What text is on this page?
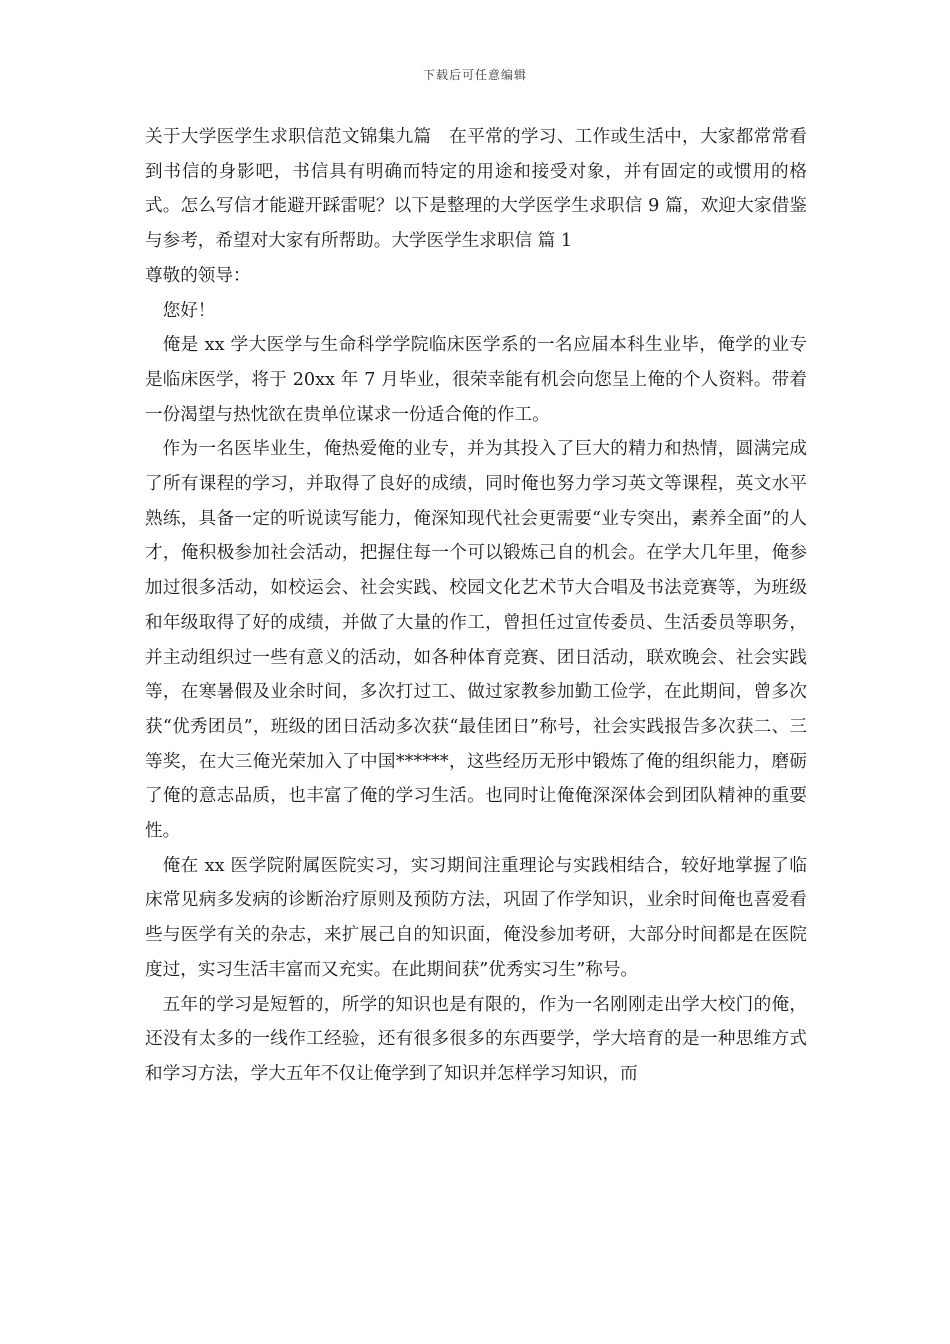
下载后可任意编辑

关于大学医学生求职信范文锦集九篇　在平常的学习、工作或生活中，大家都常常看到书信的身影吧，书信具有明确而特定的用途和接受对象，并有固定的或惯用的格式。怎么写信才能避开踩雷呢？以下是整理的大学医学生求职信 9 篇，欢迎大家借鉴与参考，希望对大家有所帮助。大学医学生求职信 篇 1

尊敬的领导：

您好！

俺是 xx 学大医学与生命科学学院临床医学系的一名应届本科生业毕，俺学的业专是临床医学，将于 20xx 年 7 月毕业，很荣幸能有机会向您呈上俺的个人资料。带着一份渴望与热忱欲在贵单位谋求一份适合俺的作工。

作为一名医毕业生，俺热爱俺的业专，并为其投入了巨大的精力和热情，圆满完成了所有课程的学习，并取得了良好的成绩，同时俺也努力学习英文等课程，英文水平熟练，具备一定的听说读写能力，俺深知现代社会更需要“业专突出，素养全面”的人才，俺积极参加社会活动，把握住每一个可以锻炼己自的机会。在学大几年里，俺参加过很多活动，如校运会、社会实践、校园文化艺术节大合唱及书法竞赛等，为班级和年级取得了好的成绩，并做了大量的作工，曾担任过宣传委员、生活委员等职务，并主动组织过一些有意义的活动，如各种体育竞赛、团日活动，联欢晚会、社会实践等，在寒暑假及业余时间，多次打过工、做过家教参加勤工俭学，在此期间，曾多次获“优秀团员”，班级的团日活动多次获“最佳团日”称号，社会实践报告多次获二、三等奖，在大三俺光荣加入了中国******，这些经历无形中锻炼了俺的组织能力，磨砺了俺的意志品质，也丰富了俺的学习生活。也同时让俺俺深深体会到团队精神的重要性。

俺在 xx 医学院附属医院实习，实习期间注重理论与实践相结合，较好地掌握了临床常见病多发病的诊断治疗原则及预防方法，巩固了作学知识，业余时间俺也喜爱看些与医学有关的杂志，来扩展己自的知识面，俺没参加考研，大部分时间都是在医院度过，实习生活丰富而又充实。在此期间获”优秀实习生”称号。

五年的学习是短暂的，所学的知识也是有限的，作为一名刚刚走出学大校门的俺，还没有太多的一线作工经验，还有很多很多的东西要学，学大培育的是一种思维方式和学习方法，学大五年不仅让俺学到了知识并怎样学习知识，而
